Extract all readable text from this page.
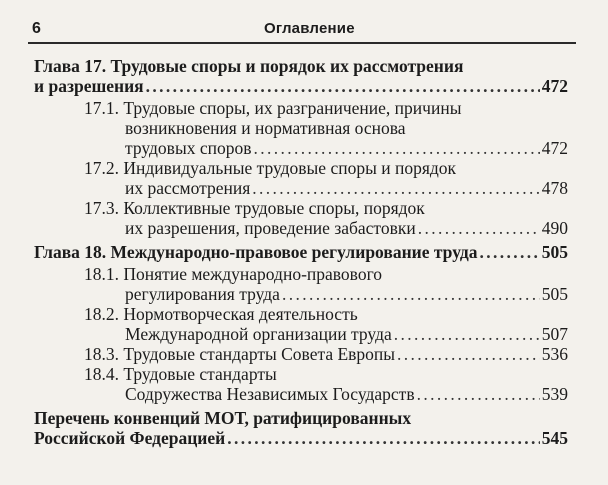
6	Оглавление
Глава 17. Трудовые споры и порядок их рассмотрения
и разрешения . . .	472
17.1. Трудовые споры, их разграничение, причины
возникновения и нормативная основа
трудовых споров . . .	472
17.2. Индивидуальные трудовые споры и порядок
их рассмотрения . . .	478
17.3. Коллективные трудовые споры, порядок
их разрешения, проведение забастовки . . .	490
Глава 18. Международно-правовое регулирование труда . . .	505
18.1. Понятие международно-правового
регулирования труда . . .	505
18.2. Нормотворческая деятельность
Международной организации труда . . .	507
18.3. Трудовые стандарты Совета Европы . . .	536
18.4. Трудовые стандарты
Содружества Независимых Государств . . .	539
Перечень конвенций МОТ, ратифицированных
Российской Федерацией . . .	545
